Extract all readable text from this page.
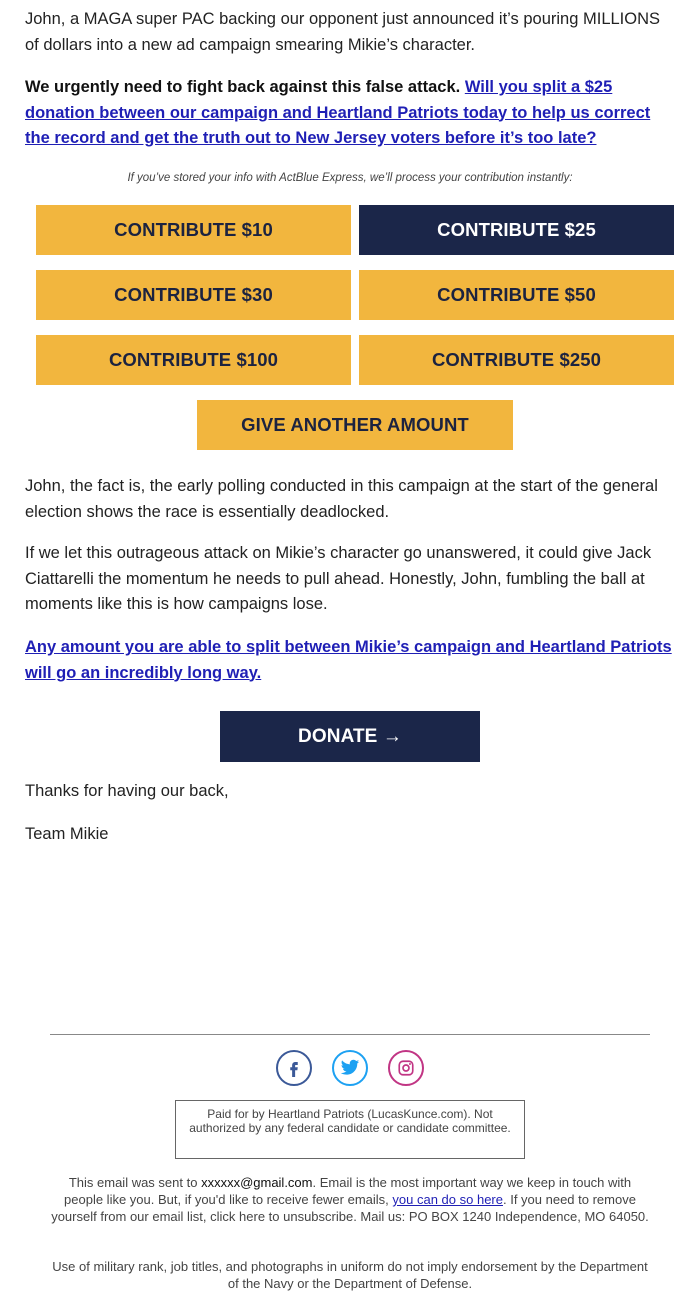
John, a MAGA super PAC backing our opponent just announced it’s pouring MILLIONS of dollars into a new ad campaign smearing Mikie’s character.

We urgently need to fight back against this false attack. Will you split a $25 donation between our campaign and Heartland Patriots today to help us correct the record and get the truth out to New Jersey voters before it’s too late?

If you’ve stored your info with ActBlue Express, we’ll process your contribution instantly:

John, the fact is, the early polling conducted in this campaign at the start of the general election shows the race is essentially deadlocked.

If we let this outrageous attack on Mikie’s character go unanswered, it could give Jack Ciattarelli the momentum he needs to pull ahead. Honestly, John, fumbling the ball at moments like this is how campaigns lose.

Any amount you are able to split between Mikie’s campaign and Heartland Patriots will go an incredibly long way.

Thanks for having our back,

Team Mikie

CONTRIBUTE $10	CONTRIBUTE $25
CONTRIBUTE $30	CONTRIBUTE $50
CONTRIBUTE $100	CONTRIBUTE $250
GIVE ANOTHER AMOUNT
DONATE →
Paid for by Heartland Patriots (LucasKunce.com). Not authorized by any federal candidate or candidate committee.
This email was sent to xxxxxx@gmail.com. Email is the most important way we keep in touch with people like you. But, if you'd like to receive fewer emails, you can do so here. If you need to remove yourself from our email list, click here to unsubscribe. Mail us: PO BOX 1240 Independence, MO 64050.
Use of military rank, job titles, and photographs in uniform do not imply endorsement by the Department of the Navy or the Department of Defense.
